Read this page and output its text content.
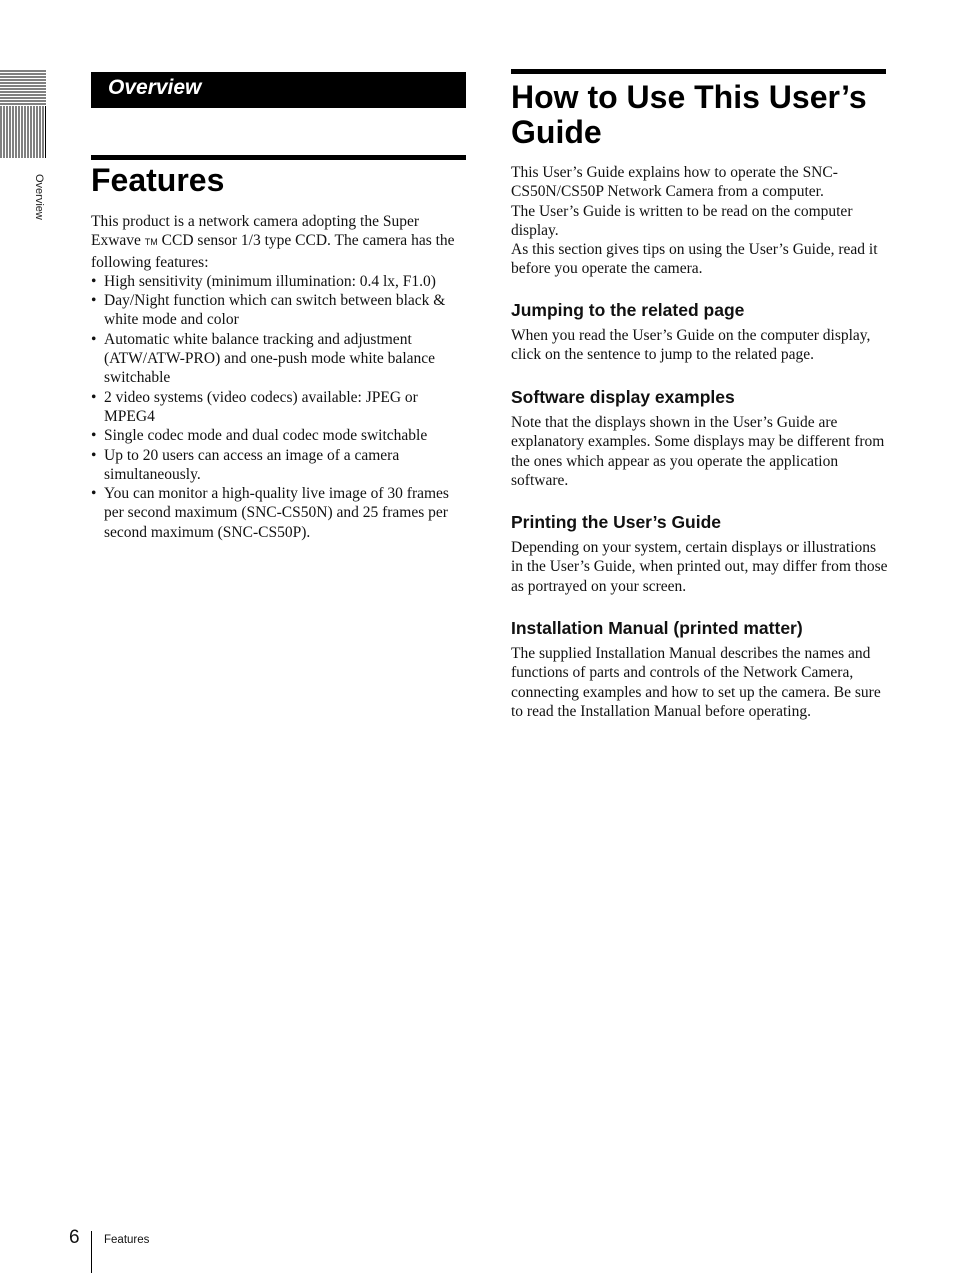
Overview
Overview
Features

This product is a network camera adopting the Super Exwave TM CCD sensor 1/3 type CCD. The camera has the following features:

• High sensitivity (minimum illumination: 0.4 lx, F1.0)
• Day/Night function which can switch between black & white mode and color
• Automatic white balance tracking and adjustment (ATW/ATW-PRO) and one-push mode white balance switchable
• 2 video systems (video codecs) available: JPEG or MPEG4
• Single codec mode and dual codec mode switchable
• Up to 20 users can access an image of a camera simultaneously.
• You can monitor a high-quality live image of 30 frames per second maximum (SNC-CS50N) and 25 frames per second maximum (SNC-CS50P).
How to Use This User’s Guide

This User’s Guide explains how to operate the SNC-CS50N/CS50P Network Camera from a computer.

The User’s Guide is written to be read on the computer display.

As this section gives tips on using the User’s Guide, read it before you operate the camera.

Jumping to the related page

When you read the User’s Guide on the computer display, click on the sentence to jump to the related page.

Software display examples

Note that the displays shown in the User’s Guide are explanatory examples. Some displays may be different from the ones which appear as you operate the application software.

Printing the User’s Guide

Depending on your system, certain displays or illustrations in the User’s Guide, when printed out, may differ from those as portrayed on your screen.

Installation Manual (printed matter)

The supplied Installation Manual describes the names and functions of parts and controls of the Network Camera, connecting examples and how to set up the camera. Be sure to read the Installation Manual before operating.

6 Features
